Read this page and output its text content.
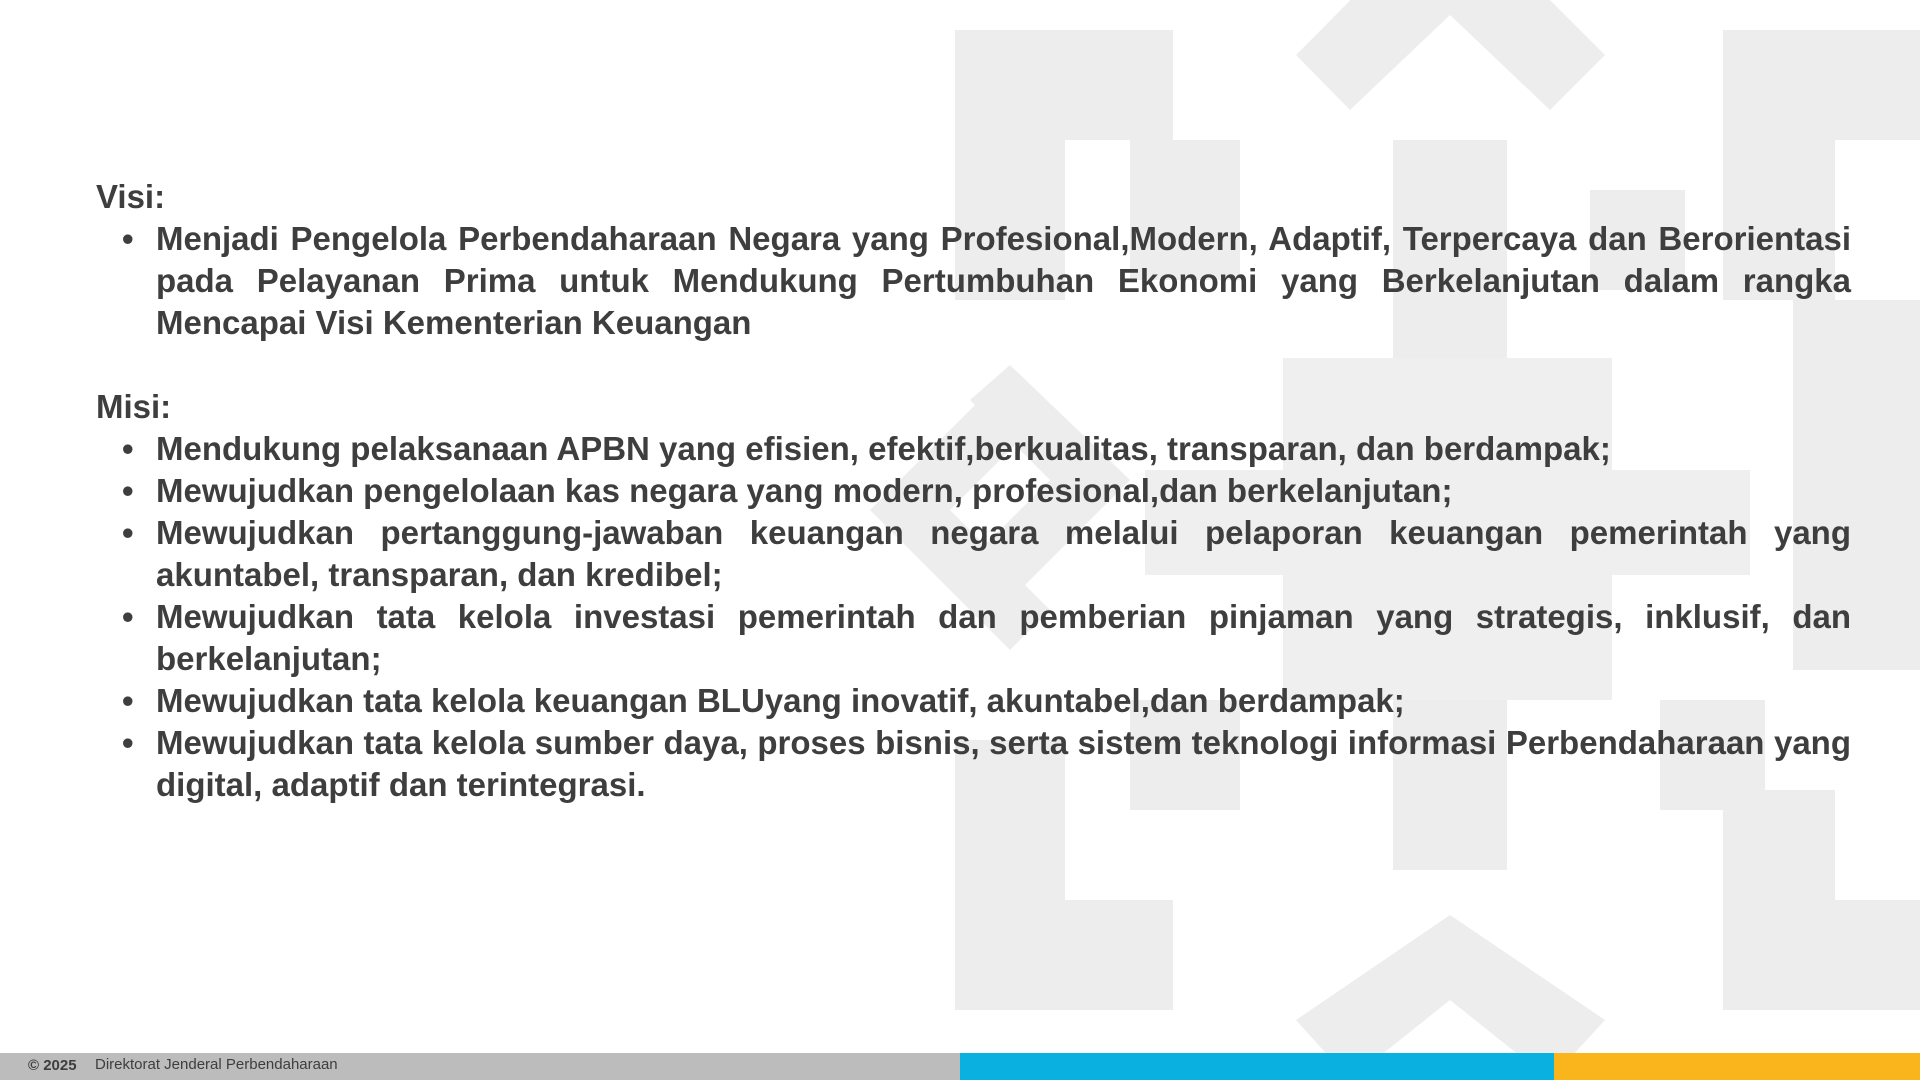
Visi:
• Menjadi Pengelola Perbendaharaan Negara yang Profesional,Modern, Adaptif, Terpercaya dan Berorientasi pada Pelayanan Prima untuk Mendukung Pertumbuhan Ekonomi yang Berkelanjutan dalam rangka Mencapai Visi Kementerian Keuangan
Misi:
• Mendukung pelaksanaan APBN yang efisien, efektif,berkualitas, transparan, dan berdampak;
• Mewujudkan pengelolaan kas negara yang modern, profesional,dan berkelanjutan;
• Mewujudkan pertanggung-jawaban keuangan negara melalui pelaporan keuangan pemerintah yang akuntabel, transparan, dan kredibel;
• Mewujudkan tata kelola investasi pemerintah dan pemberian pinjaman yang strategis, inklusif, dan berkelanjutan;
• Mewujudkan tata kelola keuangan BLUyang inovatif, akuntabel,dan berdampak;
• Mewujudkan tata kelola sumber daya, proses bisnis, serta sistem teknologi informasi Perbendaharaan yang digital, adaptif dan terintegrasi.
© 2025 Direktorat Jenderal Perbendaharaan
